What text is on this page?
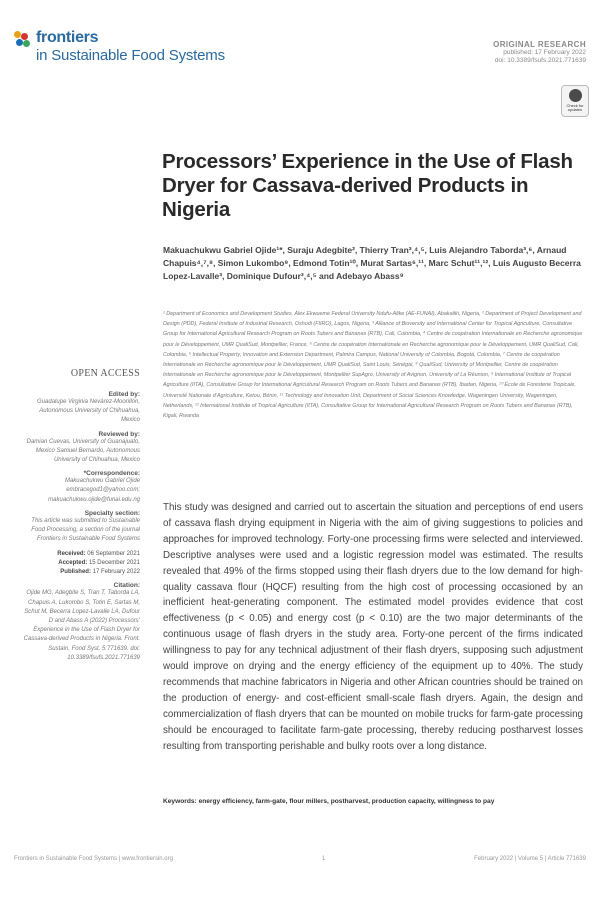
frontiers
in Sustainable Food Systems
ORIGINAL RESEARCH
published: 17 February 2022
doi: 10.3389/fsufs.2021.771639
Check for updates
Processors’ Experience in the Use of Flash Dryer for Cassava-derived Products in Nigeria
Makuachukwu Gabriel Ojide¹*, Suraju Adegbite², Thierry Tran³,⁴,⁵, Luis Alejandro Taborda³,⁶, Arnaud Chapuis⁴,⁷,⁸, Simon Lukombo⁹, Edmond Totin¹⁰, Murat Sartas⁶,¹¹, Marc Schut¹¹,¹², Luis Augusto Becerra Lopez-Lavalle³, Dominique Dufour³,⁴,⁵ and Adebayo Abass⁹
¹ Department of Economics and Development Studies, Alex Ekwueme Federal University Ndufu-Alike (AE-FUNAI), Abakaliki, Nigeria, ² Department of Project Development and Design (PDD), Federal Institute of Industrial Research, Oshodi (FIIRO), Lagos, Nigeria, ³ Alliance of Bioversity and International Center for Tropical Agriculture, Consultative Group for International Agricultural Research Program on Roots Tubers and Bananas (RTB), Cali, Colombia, ⁴ Centre de coopération Internationale en Recherche agronomique pour le Développement, UMR QualiSud, Montpellier, France, ⁵ Centre de coopération Internationale en Recherche agronomique pour le Développement, UMR QualiSud, Cali, Colombia, ⁶ Intellectual Property, Innovation and Extension Department, Palmira Campus, National University of Colombia, Bogotá, Colombia, ⁷ Centre de coopération Internationale en Recherche agronomique pour le Développement, UMR QualiSud, Saint Louis, Sénégal, ⁸ QualiSud, University of Montpellier, Centre de coopération Internationale en Recherche agronomique pour le Développement, Montpellier SupAgro, University of Avignon, University of La Réunion, ⁹ International Institute of Tropical Agriculture (IITA), Consultative Group for International Agricultural Research Program on Roots Tubers and Bananas (RTB), Ibadan, Nigeria, ¹⁰ École de Foresterie Tropicale, Université Nationale d’Agriculture, Ketou, Bénin, ¹¹ Technology and Innovation Unit, Department of Social Sciences Knowledge, Wageningen University, Wageningen, Netherlands, ¹² International Institute of Tropical Agriculture (IITA), Consultative Group for International Agricultural Research Program on Roots Tubers and Bananas (RTB), Kigali, Rwanda
OPEN ACCESS
Edited by:
Guadalupe Virginia Nevárez-Moorillón, Autonomous University of Chihuahua, Mexico
Reviewed by:
Damian Cuevas, University of Guanajuato, Mexico Samuel Bernardo, Autonomous University of Chihuahua, Mexico
*Correspondence:
Makuachukwu Gabriel Ojide embracegod1@yahoo.com; makuachukwu.ojide@funai.edu.ng
Specialty section:
This article was submitted to Sustainable Food Processing, a section of the journal Frontiers in Sustainable Food Systems
Received: 06 September 2021
Accepted: 15 December 2021
Published: 17 February 2022
Citation:
Ojide MG, Adegbite S, Tran T, Taborda LA, Chapuis A, Lukombo S, Totin E, Sartas M, Schut M, Becerra Lopez-Lavalle LA, Dufour D and Abass A (2022) Processors’ Experience in the Use of Flash Dryer for Cassava-derived Products in Nigeria. Front. Sustain. Food Syst. 5:771639. doi: 10.3389/fsufs.2021.771639

This study was designed and carried out to ascertain the situation and perceptions of end users of cassava flash drying equipment in Nigeria with the aim of giving suggestions to policies and approaches for improved technology. Forty-one processing firms were selected and interviewed. Descriptive analyses were used and a logistic regression model was estimated. The results revealed that 49% of the firms stopped using their flash dryers due to the low demand for high-quality cassava flour (HQCF) resulting from the high cost of processing occasioned by an inefficient heat-generating component. The estimated model provides evidence that cost effectiveness (p < 0.05) and energy cost (p < 0.10) are the two major determinants of the continuous usage of flash dryers in the study area. Forty-one percent of the firms indicated willingness to pay for any technical adjustment of their flash dryers, supposing such adjustment would improve on drying and the energy efficiency of the equipment up to 40%. The study recommends that machine fabricators in Nigeria and other African countries should be trained on the production of energy- and cost-efficient small-scale flash dryers. Again, the design and commercialization of flash dryers that can be mounted on mobile trucks for farm-gate processing should be encouraged to facilitate farm-gate processing, thereby reducing postharvest losses resulting from transporting perishable and bulky roots over a long distance.

Keywords: energy efficiency, farm-gate, flour millers, postharvest, production capacity, willingness to pay
Frontiers in Sustainable Food Systems | www.frontiersin.org	1	February 2022 | Volume 5 | Article 771639
